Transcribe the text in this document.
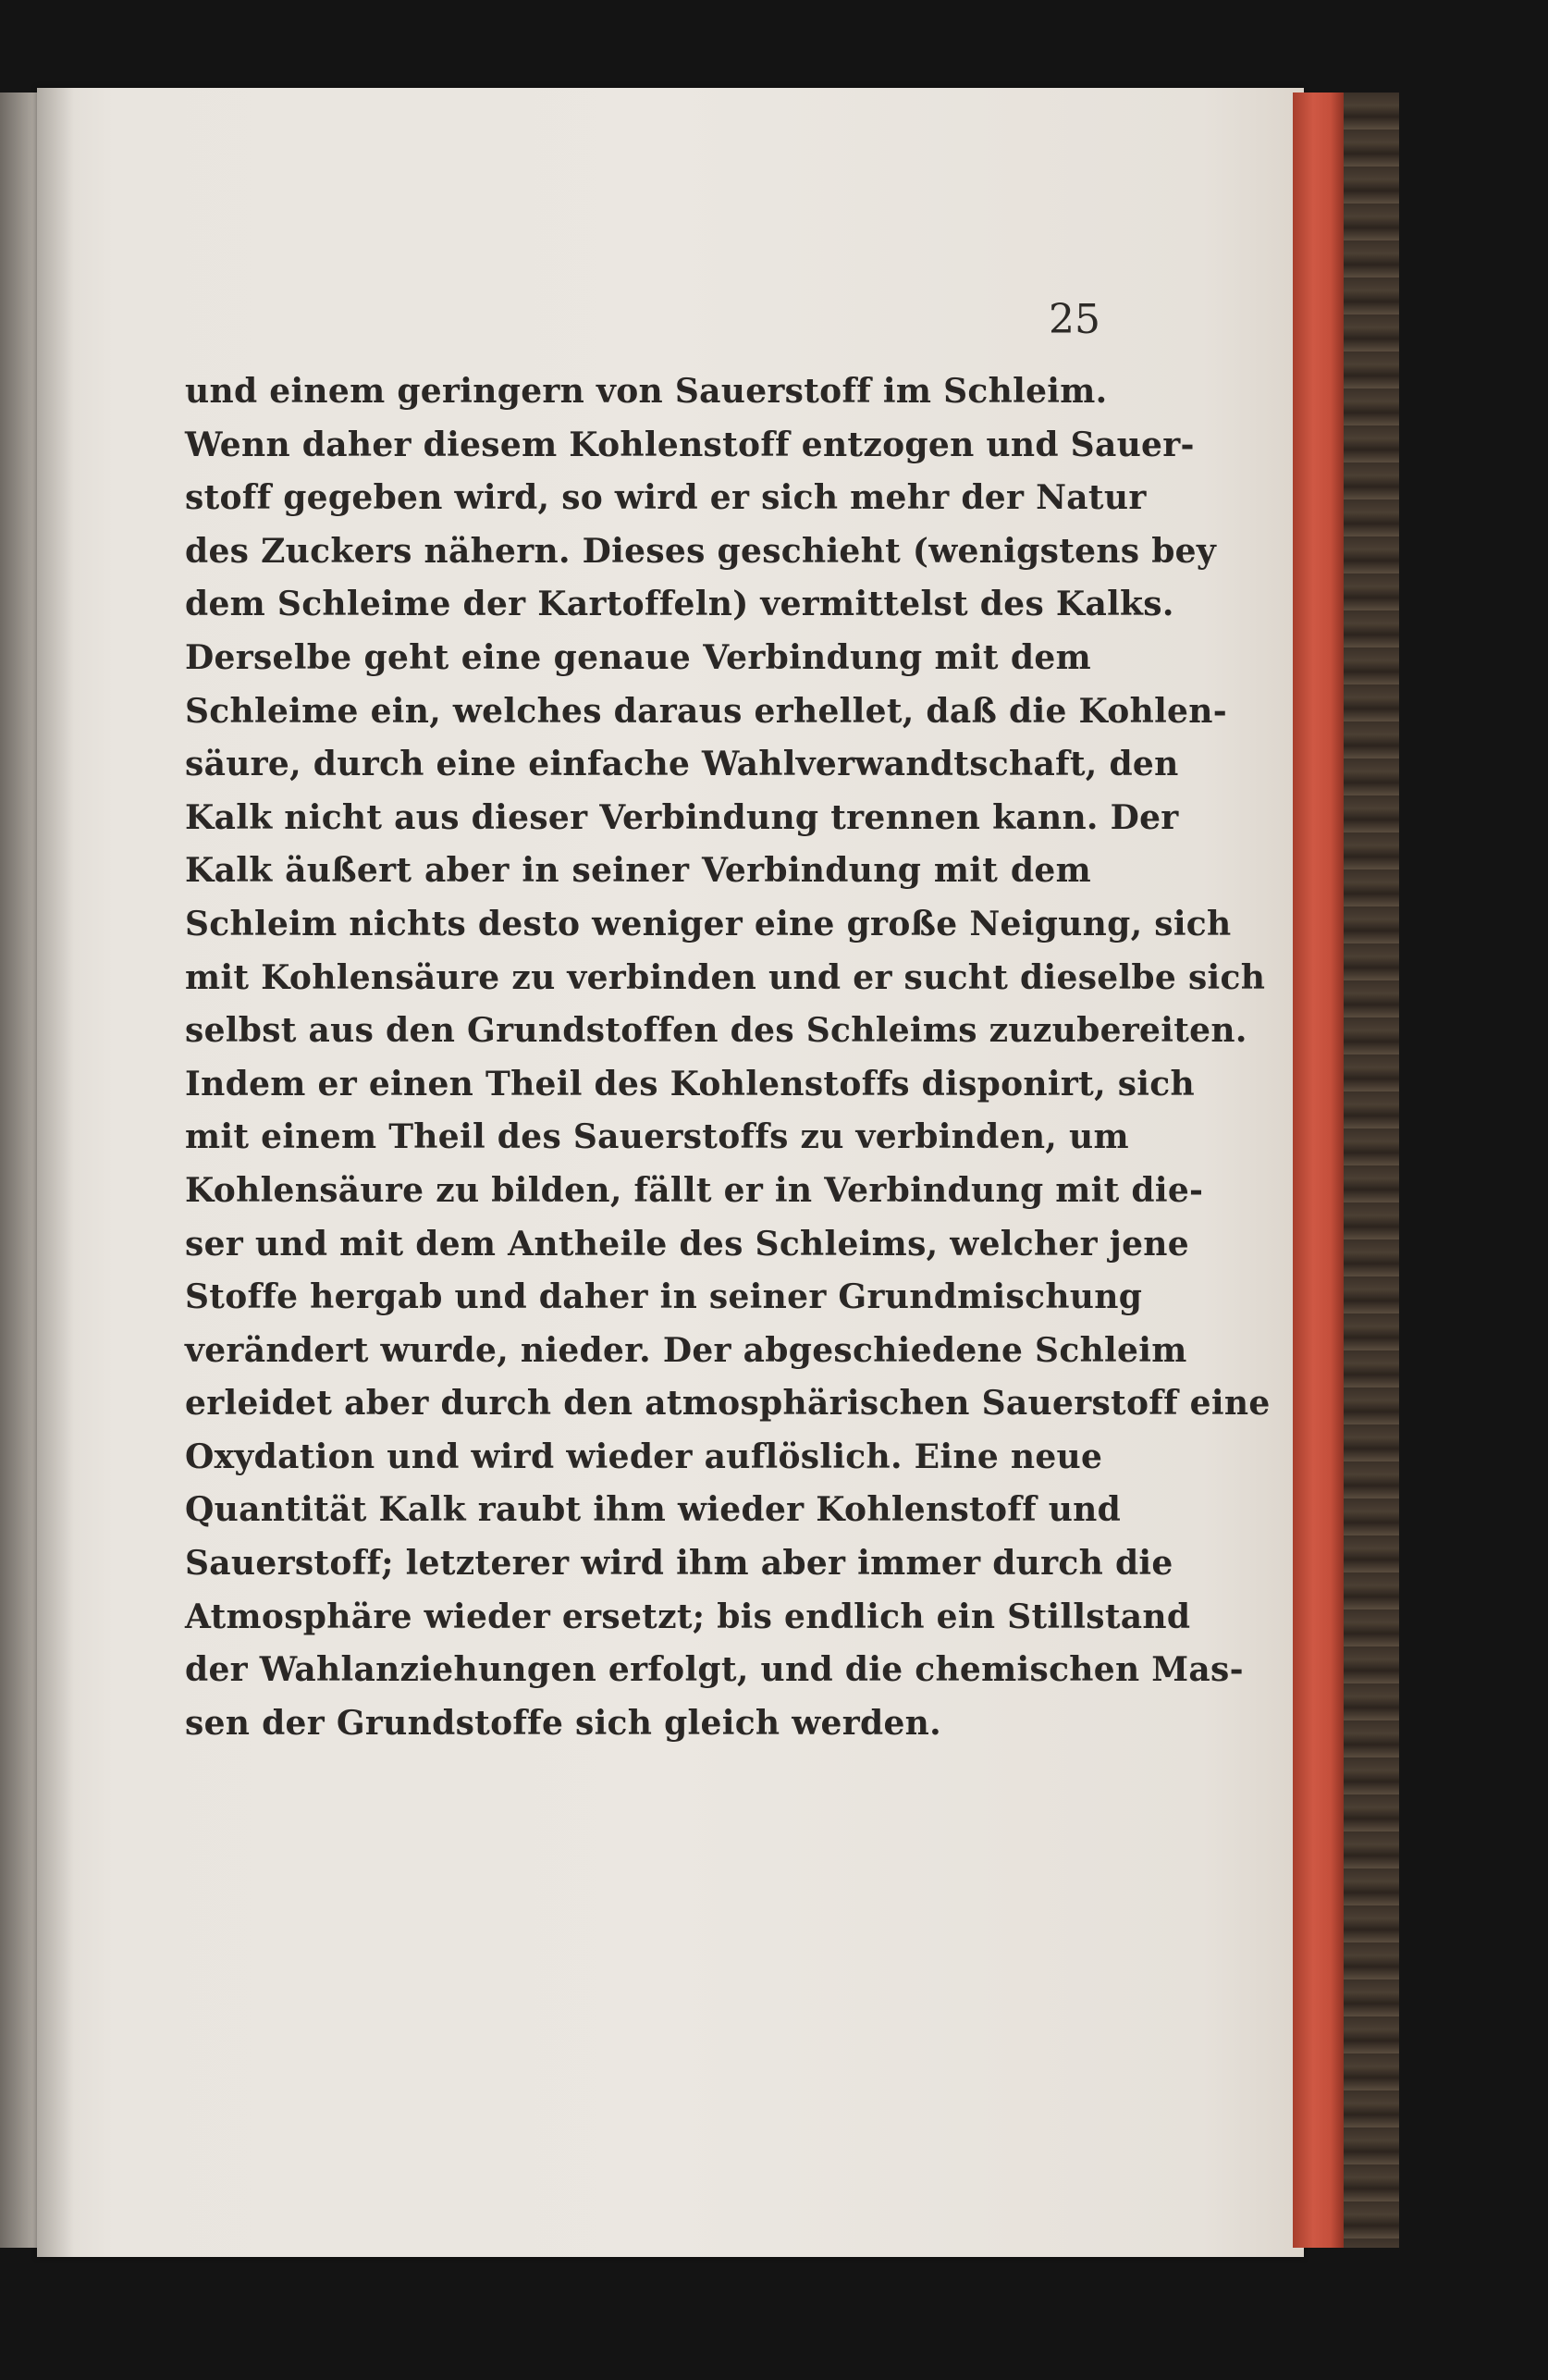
25
und einem geringern von Sauerstoff im Schleim.
Wenn daher diesem Kohlenstoff entzogen und Sauer-
stoff gegeben wird, so wird er sich mehr der Natur
des Zuckers nähern. Dieses geschieht (wenigstens bey
dem Schleime der Kartoffeln) vermittelst des Kalks.
Derselbe geht eine genaue Verbindung mit dem
Schleime ein, welches daraus erhellet, daß die Kohlen-
säure, durch eine einfache Wahlverwandtschaft, den
Kalk nicht aus dieser Verbindung trennen kann. Der
Kalk äußert aber in seiner Verbindung mit dem
Schleim nichts desto weniger eine große Neigung, sich
mit Kohlensäure zu verbinden und er sucht dieselbe sich
selbst aus den Grundstoffen des Schleims zuzubereiten.
Indem er einen Theil des Kohlenstoffs disponirt, sich
mit einem Theil des Sauerstoffs zu verbinden, um
Kohlensäure zu bilden, fällt er in Verbindung mit die-
ser und mit dem Antheile des Schleims, welcher jene
Stoffe hergab und daher in seiner Grundmischung
verändert wurde, nieder. Der abgeschiedene Schleim
erleidet aber durch den atmosphärischen Sauerstoff eine
Oxydation und wird wieder auflöslich. Eine neue
Quantität Kalk raubt ihm wieder Kohlenstoff und
Sauerstoff; letzterer wird ihm aber immer durch die
Atmosphäre wieder ersetzt; bis endlich ein Stillstand
der Wahlanziehungen erfolgt, und die chemischen Mas-
sen der Grundstoffe sich gleich werden.
